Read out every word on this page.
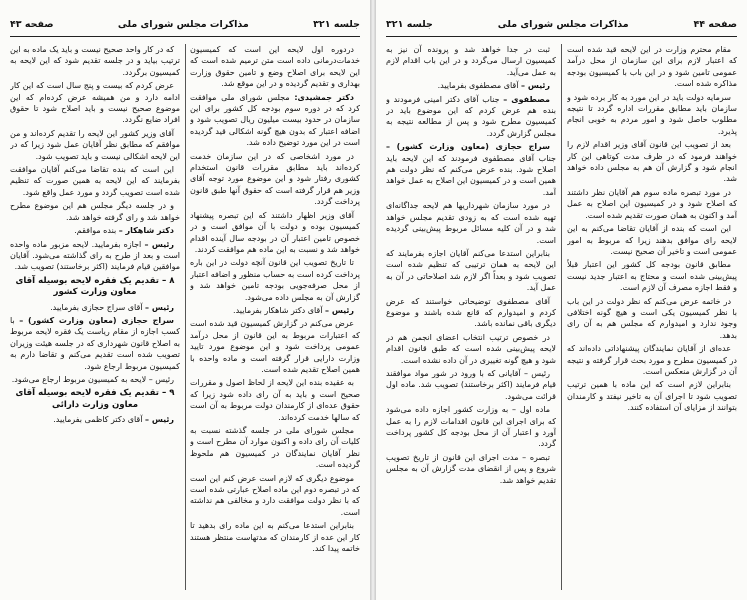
جلسه ۳۲۱
مذاکرات مجلس شورای ملی
صفحه ۴۳

دردوره اول لایحه این است که کمیسیون خدمات‌درمانی داده است متن ترمیم شده است که این لایحه برای اصلاح وضع و تامین حقوق وزارت بهداری و تقدیم گردیده و در این موقع شد.

دکتر جمشیدی: مجلس شورای ملی موافقت کرد که در دوره سوم بودجه کل کشور برای این سازمان در حدود بیست میلیون ریال تصویب شود و اضافه اعتبار که بدون هیچ گونه اشکالی قید گردیده است در این مورد توضیح داده شد.

در مورد اشخاصی که در این سازمان خدمت کرده‌اند باید مطابق مقررات قانون استخدام کشوری رفتار شود و این موضوع مورد توجه آقای وزیر هم قرار گرفته است که حقوق آنها طبق قانون پرداخت گردد.

آقای وزیر اظهار داشتند که این تبصره پیشنهاد کمیسیون بوده و دولت با آن موافق است و در خصوص تامین اعتبار آن در بودجه سال آینده اقدام خواهد شد و نسبت به این ماده هم موافقت کردند.

تا تاریخ تصویب این قانون آنچه دولت در این باره پرداخت کرده است به حساب منظور و اضافه اعتبار از محل صرفه‌جویی بودجه تامین خواهد شد و گزارش آن به مجلس داده می‌شود.

رئیس – آقای دکتر شاهکار بفرمایید.

عرض می‌کنم در گزارش کمیسیون قید شده است که اعتبارات مربوط به این قانون از محل درآمد عمومی پرداخت شود و این موضوع مورد تایید وزارت دارایی قرار گرفته است و ماده واحده با همین اصلاح تقدیم شده است.

به عقیده بنده این لایحه از لحاظ اصول و مقررات صحیح است و باید به آن رای داده شود زیرا که حقوق عده‌ای از کارمندان دولت مربوط به آن است که سالها خدمت کرده‌اند.

مجلس شورای ملی در جلسه گذشته نسبت به کلیات آن رای داده و اکنون موارد آن مطرح است و نظر آقایان نمایندگان در کمیسیون هم ملحوظ گردیده است.

موضوع دیگری که لازم است عرض کنم این است که در تبصره دوم این ماده اصلاح عبارتی شده است که با نظر دولت موافقت دارد و مخالفی هم نداشته است.

بنابراین استدعا می‌کنم به این ماده رای بدهید تا کار این عده از کارمندان که مدتهاست منتظر هستند خاتمه پیدا کند.

که در کار واحد صحیح نیست و باید یک ماده به این ترتیب بیاید و در جلسه تقدیم شود که این لایحه به کمیسیون برگردد.

عرض کردم که بیست و پنج سال است که این کار ادامه دارد و من همیشه عرض کرده‌ام که این موضوع صحیح نیست و باید اصلاح شود تا حقوق افراد ضایع نگردد.

آقای وزیر کشور این لایحه را تقدیم کرده‌اند و من موافقم که مطابق نظر آقایان عمل شود زیرا که در این لایحه اشکالی نیست و باید تصویب شود.

این است که بنده تقاضا می‌کنم آقایان موافقت بفرمایند که این لایحه به همین صورت که تنظیم شده است تصویب گردد و مورد عمل واقع شود.

و در جلسه دیگر مجلس هم این موضوع مطرح خواهد شد و رای گرفته خواهد شد.

دکتر شاهکار – بنده موافقم.

رئیس – اجازه بفرمایید. لایحه مزبور ماده واحده است و بعد از طرح به رای گذاشته می‌شود. آقایان موافقین قیام فرمایند (اکثر برخاستند) تصویب شد.

۸ – تقدیم یک فقره لایحه بوسیله آقای معاون وزارت کشور

رئیس – آقای سراج حجازی بفرمایید.

سراج حجازی (معاون وزارت کشور) – با کسب اجازه از مقام ریاست یک فقره لایحه مربوط به اصلاح قانون شهرداری که در جلسه هیئت وزیران تصویب شده است تقدیم می‌کنم و تقاضا دارم به کمیسیون مربوط ارجاع شود.

رئیس – لایحه به کمیسیون مربوط ارجاع می‌شود.

۹ – تقدیم یک فقره لایحه بوسیله آقای معاون وزارت دارائی

رئیس – آقای دکتر کاظمی بفرمایید.

صفحه ۴۴
مذاکرات مجلس شورای ملی
جلسه ۳۲۱

مقام محترم وزارت در این لایحه قید شده است که اعتبار لازم برای این سازمان از محل درآمد عمومی تامین شود و در این باب با کمیسیون بودجه مذاکره شده است.

سرمایه دولت باید در این مورد به کار برده شود و سازمان باید مطابق مقررات اداره گردد تا نتیجه مطلوب حاصل شود و امور مردم به خوبی انجام پذیرد.

بعد از تصویب این قانون آقای وزیر اقدام لازم را خواهند فرمود که در ظرف مدت کوتاهی این کار انجام شود و گزارش آن هم به مجلس داده خواهد شد.

در مورد تبصره ماده سوم هم آقایان نظر داشتند که اصلاح شود و در کمیسیون این اصلاح به عمل آمد و اکنون به همان صورت تقدیم شده است.

این است که بنده از آقایان تقاضا می‌کنم به این لایحه رای موافق بدهند زیرا که مربوط به امور عمومی است و تاخیر آن صحیح نیست.

مطابق قانون بودجه کل کشور این اعتبار قبلاً پیش‌بینی شده است و محتاج به اعتبار جدید نیست و فقط اجازه مصرف آن لازم است.

در خاتمه عرض می‌کنم که نظر دولت در این باب با نظر کمیسیون یکی است و هیچ گونه اختلافی وجود ندارد و امیدوارم که مجلس هم به آن رای بدهد.

عده‌ای از آقایان نمایندگان پیشنهاداتی داده‌اند که در کمیسیون مطرح و مورد بحث قرار گرفته و نتیجه آن در گزارش منعکس است.

بنابراین لازم است که این ماده با همین ترتیب تصویب شود تا اجرای آن به تاخیر نیفتد و کارمندان بتوانند از مزایای آن استفاده کنند.

ثبت در جدا خواهد شد و پرونده آن نیز به کمیسیون ارسال می‌گردد و در این باب اقدام لازم به عمل می‌آید.

رئیس – آقای مصطفوی بفرمایید.

مصطفوی – جناب آقای دکتر امینی فرمودند و بنده هم عرض کردم که این موضوع باید در کمیسیون مطرح شود و پس از مطالعه نتیجه به مجلس گزارش گردد.

سراج حجازی (معاون وزارت کشور) – جناب آقای مصطفوی فرمودند که این لایحه باید اصلاح شود. بنده عرض می‌کنم که نظر دولت هم همین است و در کمیسیون این اصلاح به عمل خواهد آمد.

در مورد سازمان شهرداریها هم لایحه جداگانه‌ای تهیه شده است که به زودی تقدیم مجلس خواهد شد و در آن کلیه مسائل مربوط پیش‌بینی گردیده است.

بنابراین استدعا می‌کنم آقایان اجازه بفرمایند که این لایحه به همان ترتیبی که تنظیم شده است تصویب شود و بعداً اگر لازم شد اصلاحاتی در آن به عمل آید.

آقای مصطفوی توضیحاتی خواستند که عرض کردم و امیدوارم که قانع شده باشند و موضوع دیگری باقی نمانده باشد.

در خصوص ترتیب انتخاب اعضای انجمن هم در لایحه پیش‌بینی شده است که طبق قانون اقدام شود و هیچ گونه تغییری در آن داده نشده است.

رئیس – آقایانی که با ورود در شور مواد موافقند قیام فرمایند (اکثر برخاستند) تصویب شد. ماده اول قرائت می‌شود.

ماده اول – به وزارت کشور اجازه داده می‌شود که برای اجرای این قانون اقدامات لازم را به عمل آورد و اعتبار آن از محل بودجه کل کشور پرداخت گردد.

تبصره – مدت اجرای این قانون از تاریخ تصویب شروع و پس از انقضای مدت گزارش آن به مجلس تقدیم خواهد شد.
